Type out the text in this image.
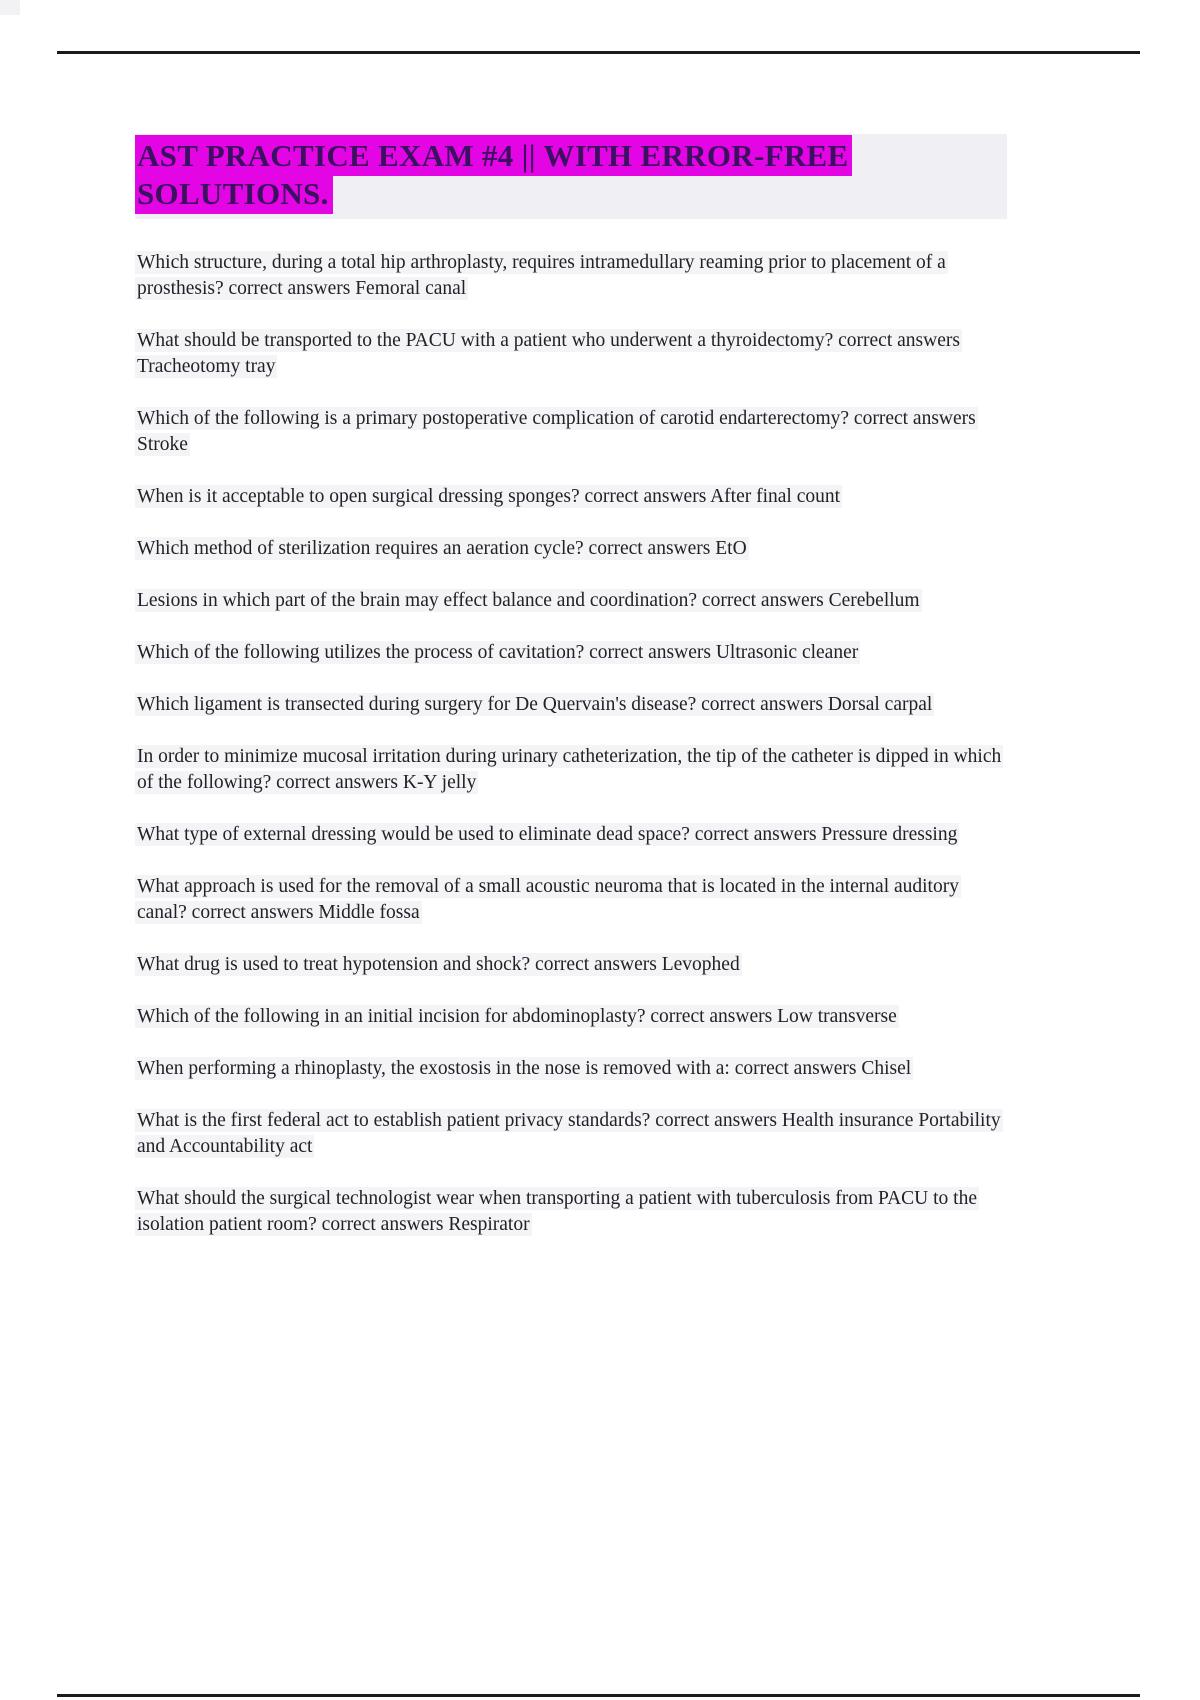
AST PRACTICE EXAM #4 || WITH ERROR-FREE
SOLUTIONS.

Which structure, during a total hip arthroplasty, requires intramedullary reaming prior to placement of a prosthesis? correct answers Femoral canal

What should be transported to the PACU with a patient who underwent a thyroidectomy? correct answers Tracheotomy tray

Which of the following is a primary postoperative complication of carotid endarterectomy? correct answers Stroke

When is it acceptable to open surgical dressing sponges? correct answers After final count

Which method of sterilization requires an aeration cycle? correct answers EtO

Lesions in which part of the brain may effect balance and coordination? correct answers Cerebellum

Which of the following utilizes the process of cavitation? correct answers Ultrasonic cleaner

Which ligament is transected during surgery for De Quervain's disease? correct answers Dorsal carpal

In order to minimize mucosal irritation during urinary catheterization, the tip of the catheter is dipped in which of the following? correct answers K-Y jelly

What type of external dressing would be used to eliminate dead space? correct answers Pressure dressing

What approach is used for the removal of a small acoustic neuroma that is located in the internal auditory canal? correct answers Middle fossa

What drug is used to treat hypotension and shock? correct answers Levophed

Which of the following in an initial incision for abdominoplasty? correct answers Low transverse

When performing a rhinoplasty, the exostosis in the nose is removed with a: correct answers Chisel

What is the first federal act to establish patient privacy standards? correct answers Health insurance Portability and Accountability act

What should the surgical technologist wear when transporting a patient with tuberculosis from PACU to the isolation patient room? correct answers Respirator
